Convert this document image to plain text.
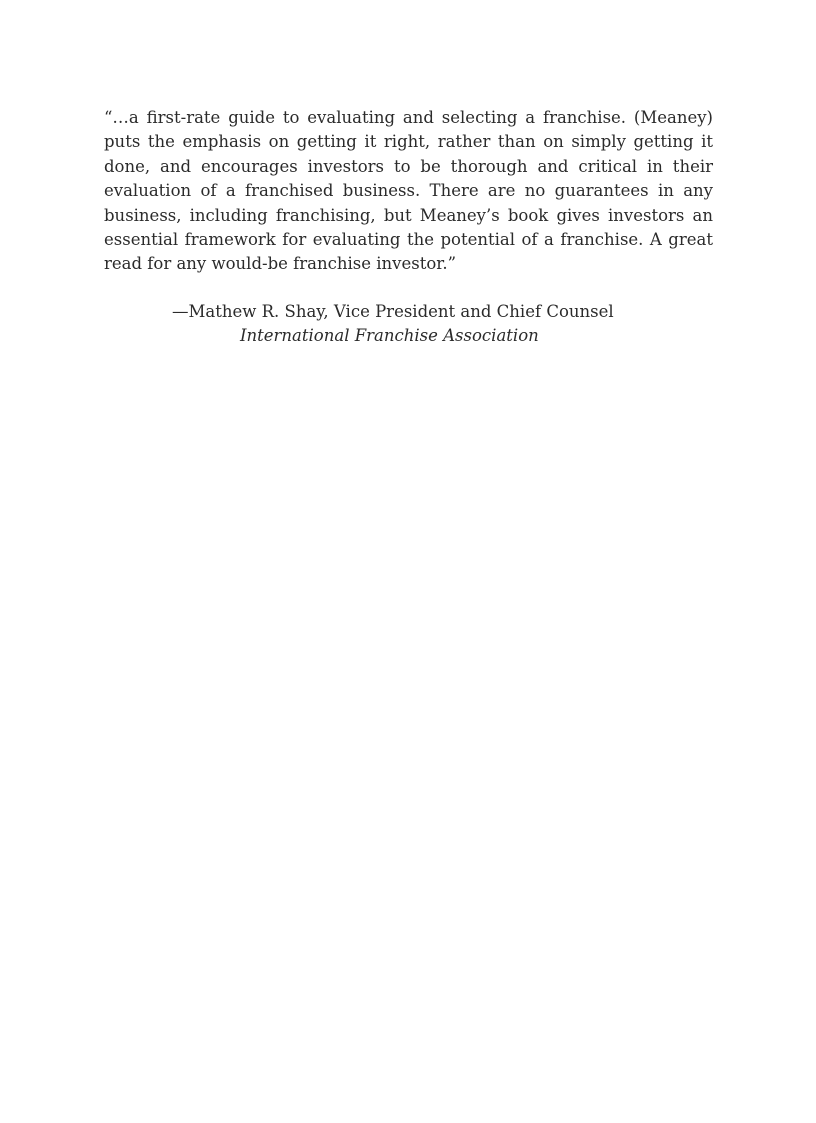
“…a first-rate guide to evaluating and selecting a franchise. (Meaney) puts the emphasis on getting it right, rather than on simply getting it done, and encourages investors to be thorough and critical in their evaluation of a franchised business. There are no guarantees in any business, including franchising, but Meaney’s book gives investors an essential framework for evaluating the potential of a franchise. A great read for any would-be franchise investor.”

—Mathew R. Shay, Vice President and Chief Counsel
International Franchise Association
